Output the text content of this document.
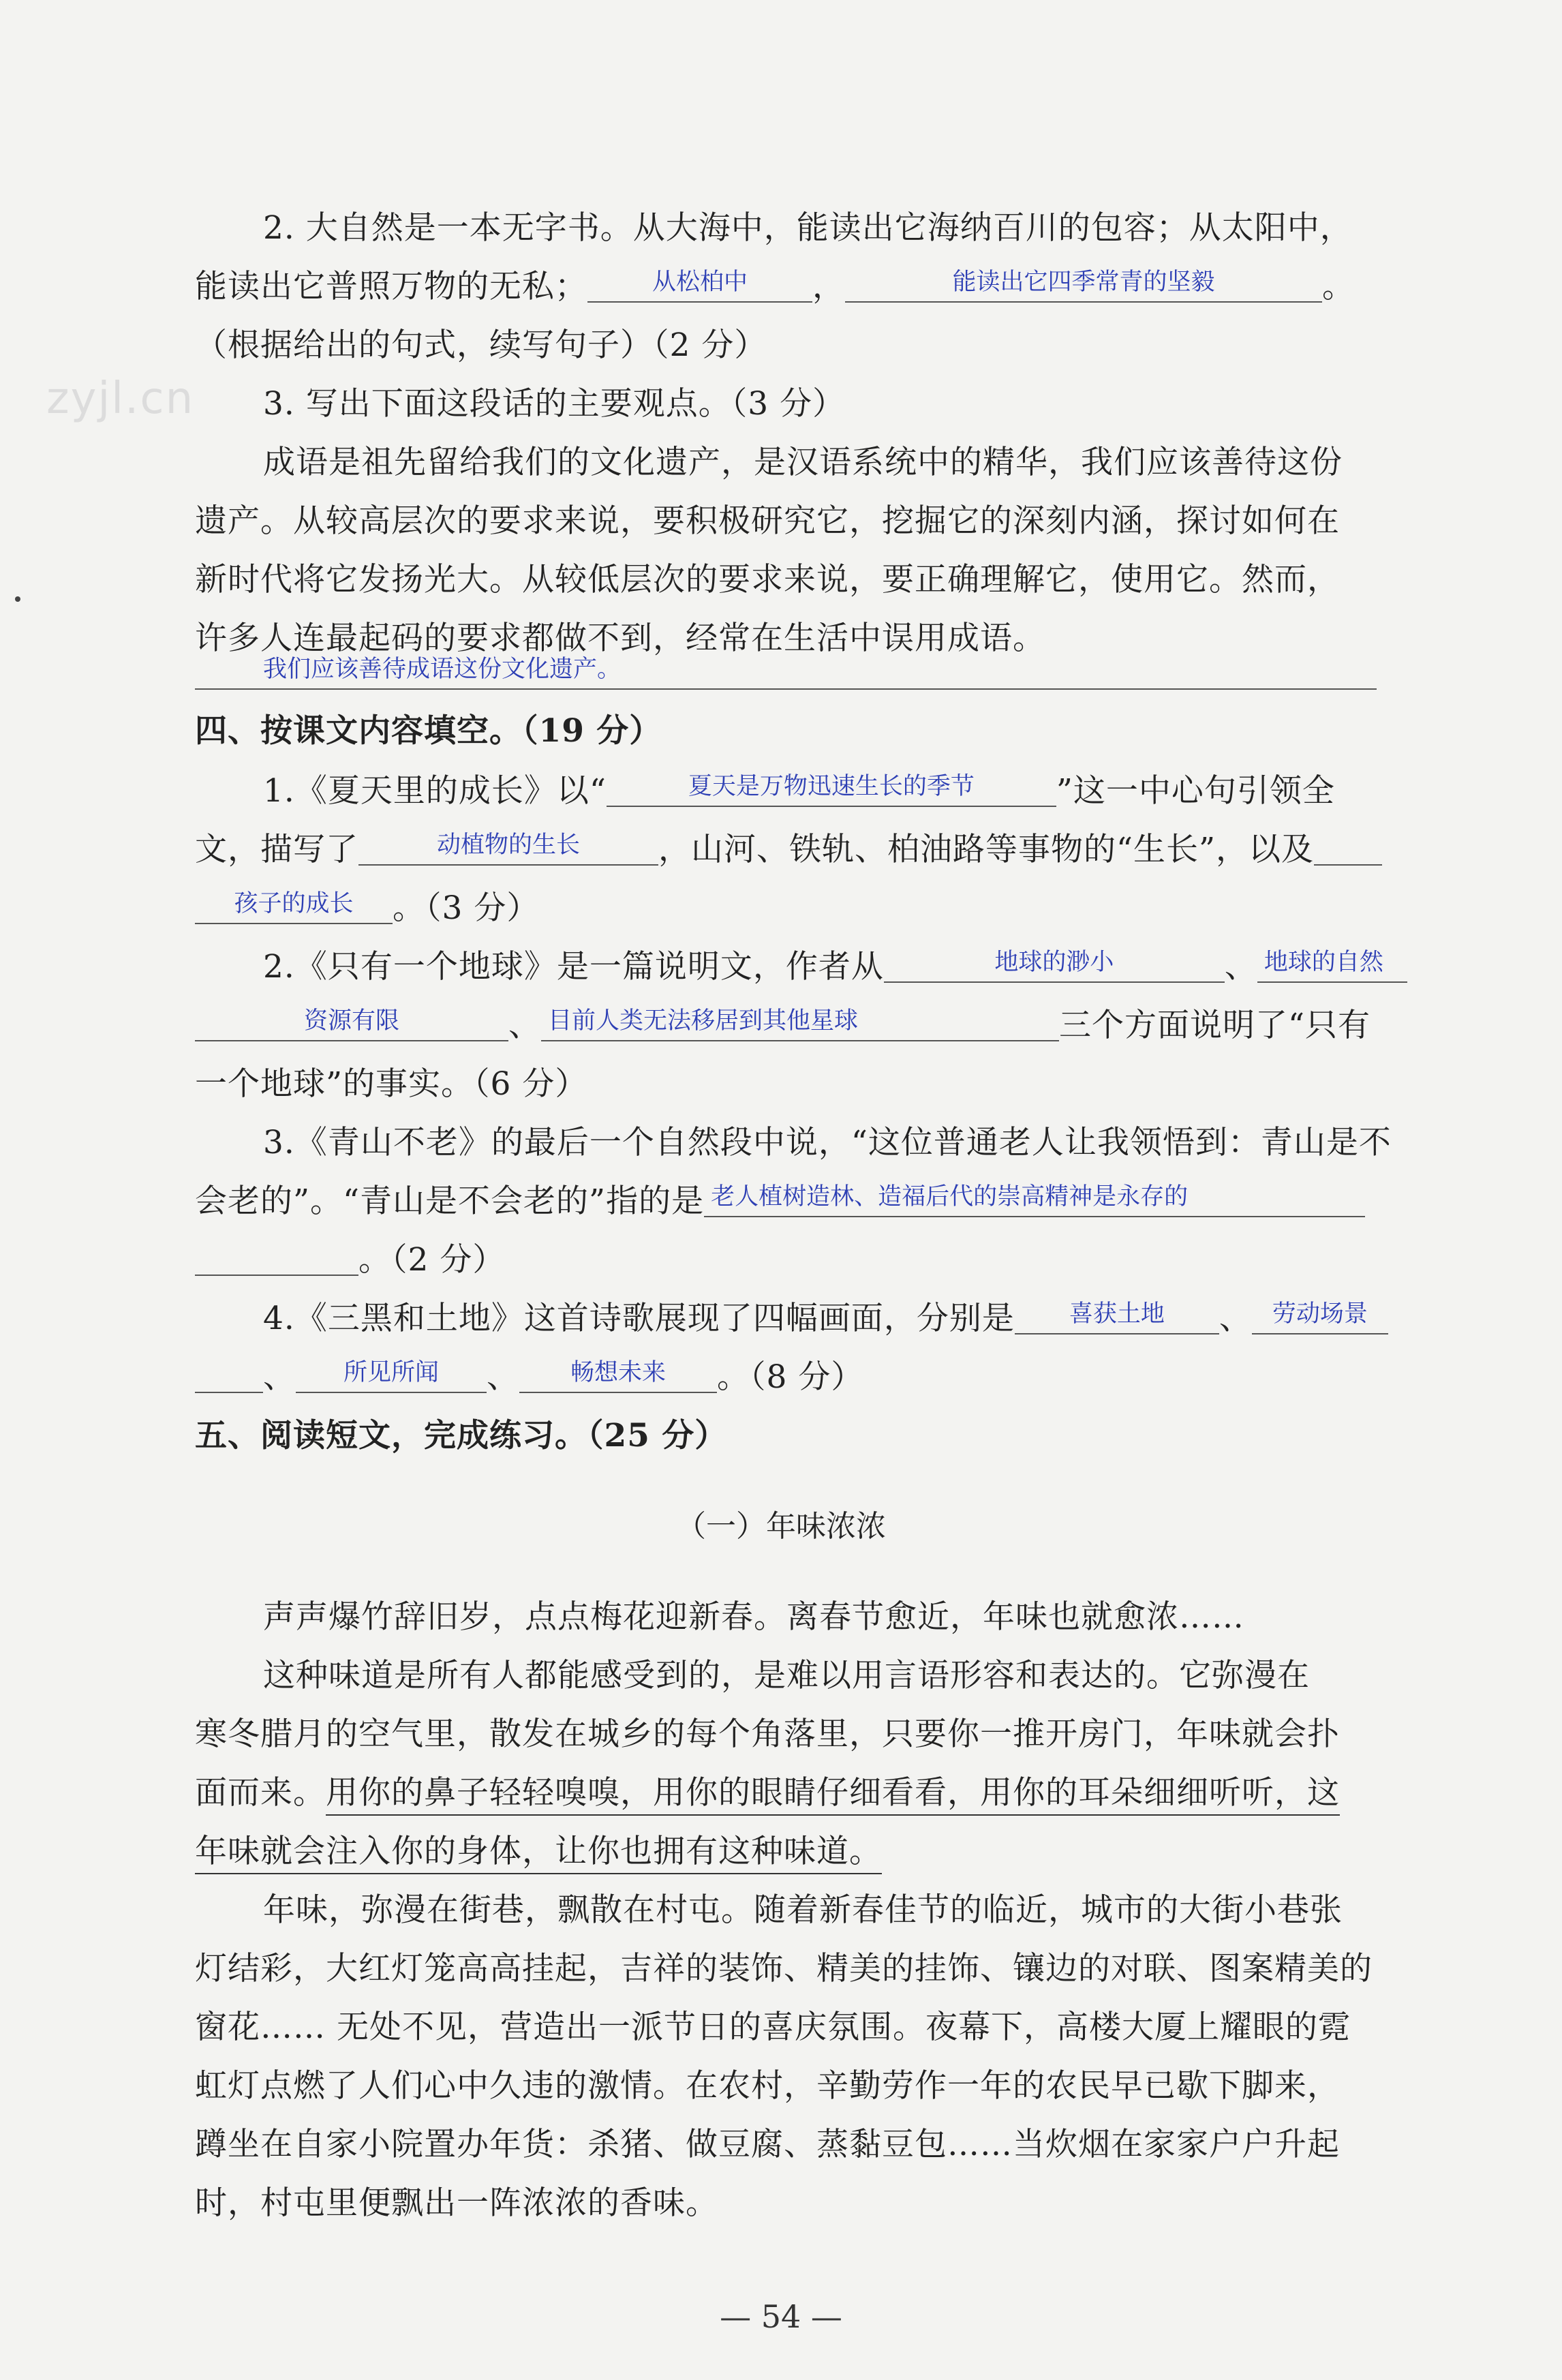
zyjl.cn
2. 大自然是一本无字书。从大海中，能读出它海纳百川的包容；从太阳中，
能读出它普照万物的无私；	从松柏中	，	能读出它四季常青的坚毅	。
（根据给出的句式，续写句子）（2 分）
3. 写出下面这段话的主要观点。（3 分）
成语是祖先留给我们的文化遗产，是汉语系统中的精华，我们应该善待这份
遗产。从较高层次的要求来说，要积极研究它，挖掘它的深刻内涵，探讨如何在
新时代将它发扬光大。从较低层次的要求来说，要正确理解它，使用它。然而，
许多人连最起码的要求都做不到，经常在生活中误用成语。
我们应该善待成语这份文化遗产。
四、按课文内容填空。（19 分）
1.《夏天里的成长》以“	夏天是万物迅速生长的季节	”这一中心句引领全
文，描写了	动植物的生长	，山河、铁轨、柏油路等事物的“生长”，以及
孩子的成长	。（3 分）
2.《只有一个地球》是一篇说明文，作者从	地球的渺小	、 地球的自然
资源有限	、 目前人类无法移居到其他星球	三个方面说明了“只有
一个地球”的事实。（6 分）
3.《青山不老》的最后一个自然段中说，“这位普通老人让我领悟到：青山是不
会老的”。“青山是不会老的”指的是 老人植树造林、造福后代的崇高精神是永存的
。（2 分）
4.《三黑和土地》这首诗歌展现了四幅画面，分别是	喜获土地	、 劳动场景
、	所见所闻	、	畅想未来	。（8 分）
五、阅读短文，完成练习。（25 分）
（一）年味浓浓
声声爆竹辞旧岁，点点梅花迎新春。离春节愈近，年味也就愈浓……
这种味道是所有人都能感受到的，是难以用言语形容和表达的。它弥漫在
寒冬腊月的空气里，散发在城乡的每个角落里，只要你一推开房门，年味就会扑
面而来。用你的鼻子轻轻嗅嗅，用你的眼睛仔细看看，用你的耳朵细细听听，这
年味就会注入你的身体，让你也拥有这种味道。
年味，弥漫在街巷，飘散在村屯。随着新春佳节的临近，城市的大街小巷张
灯结彩，大红灯笼高高挂起，吉祥的装饰、精美的挂饰、镶边的对联、图案精美的
窗花…… 无处不见，营造出一派节日的喜庆氛围。夜幕下，高楼大厦上耀眼的霓
虹灯点燃了人们心中久违的激情。在农村，辛勤劳作一年的农民早已歇下脚来，
蹲坐在自家小院置办年货：杀猪、做豆腐、蒸黏豆包……当炊烟在家家户户升起
时，村屯里便飘出一阵浓浓的香味。
— 54 —
